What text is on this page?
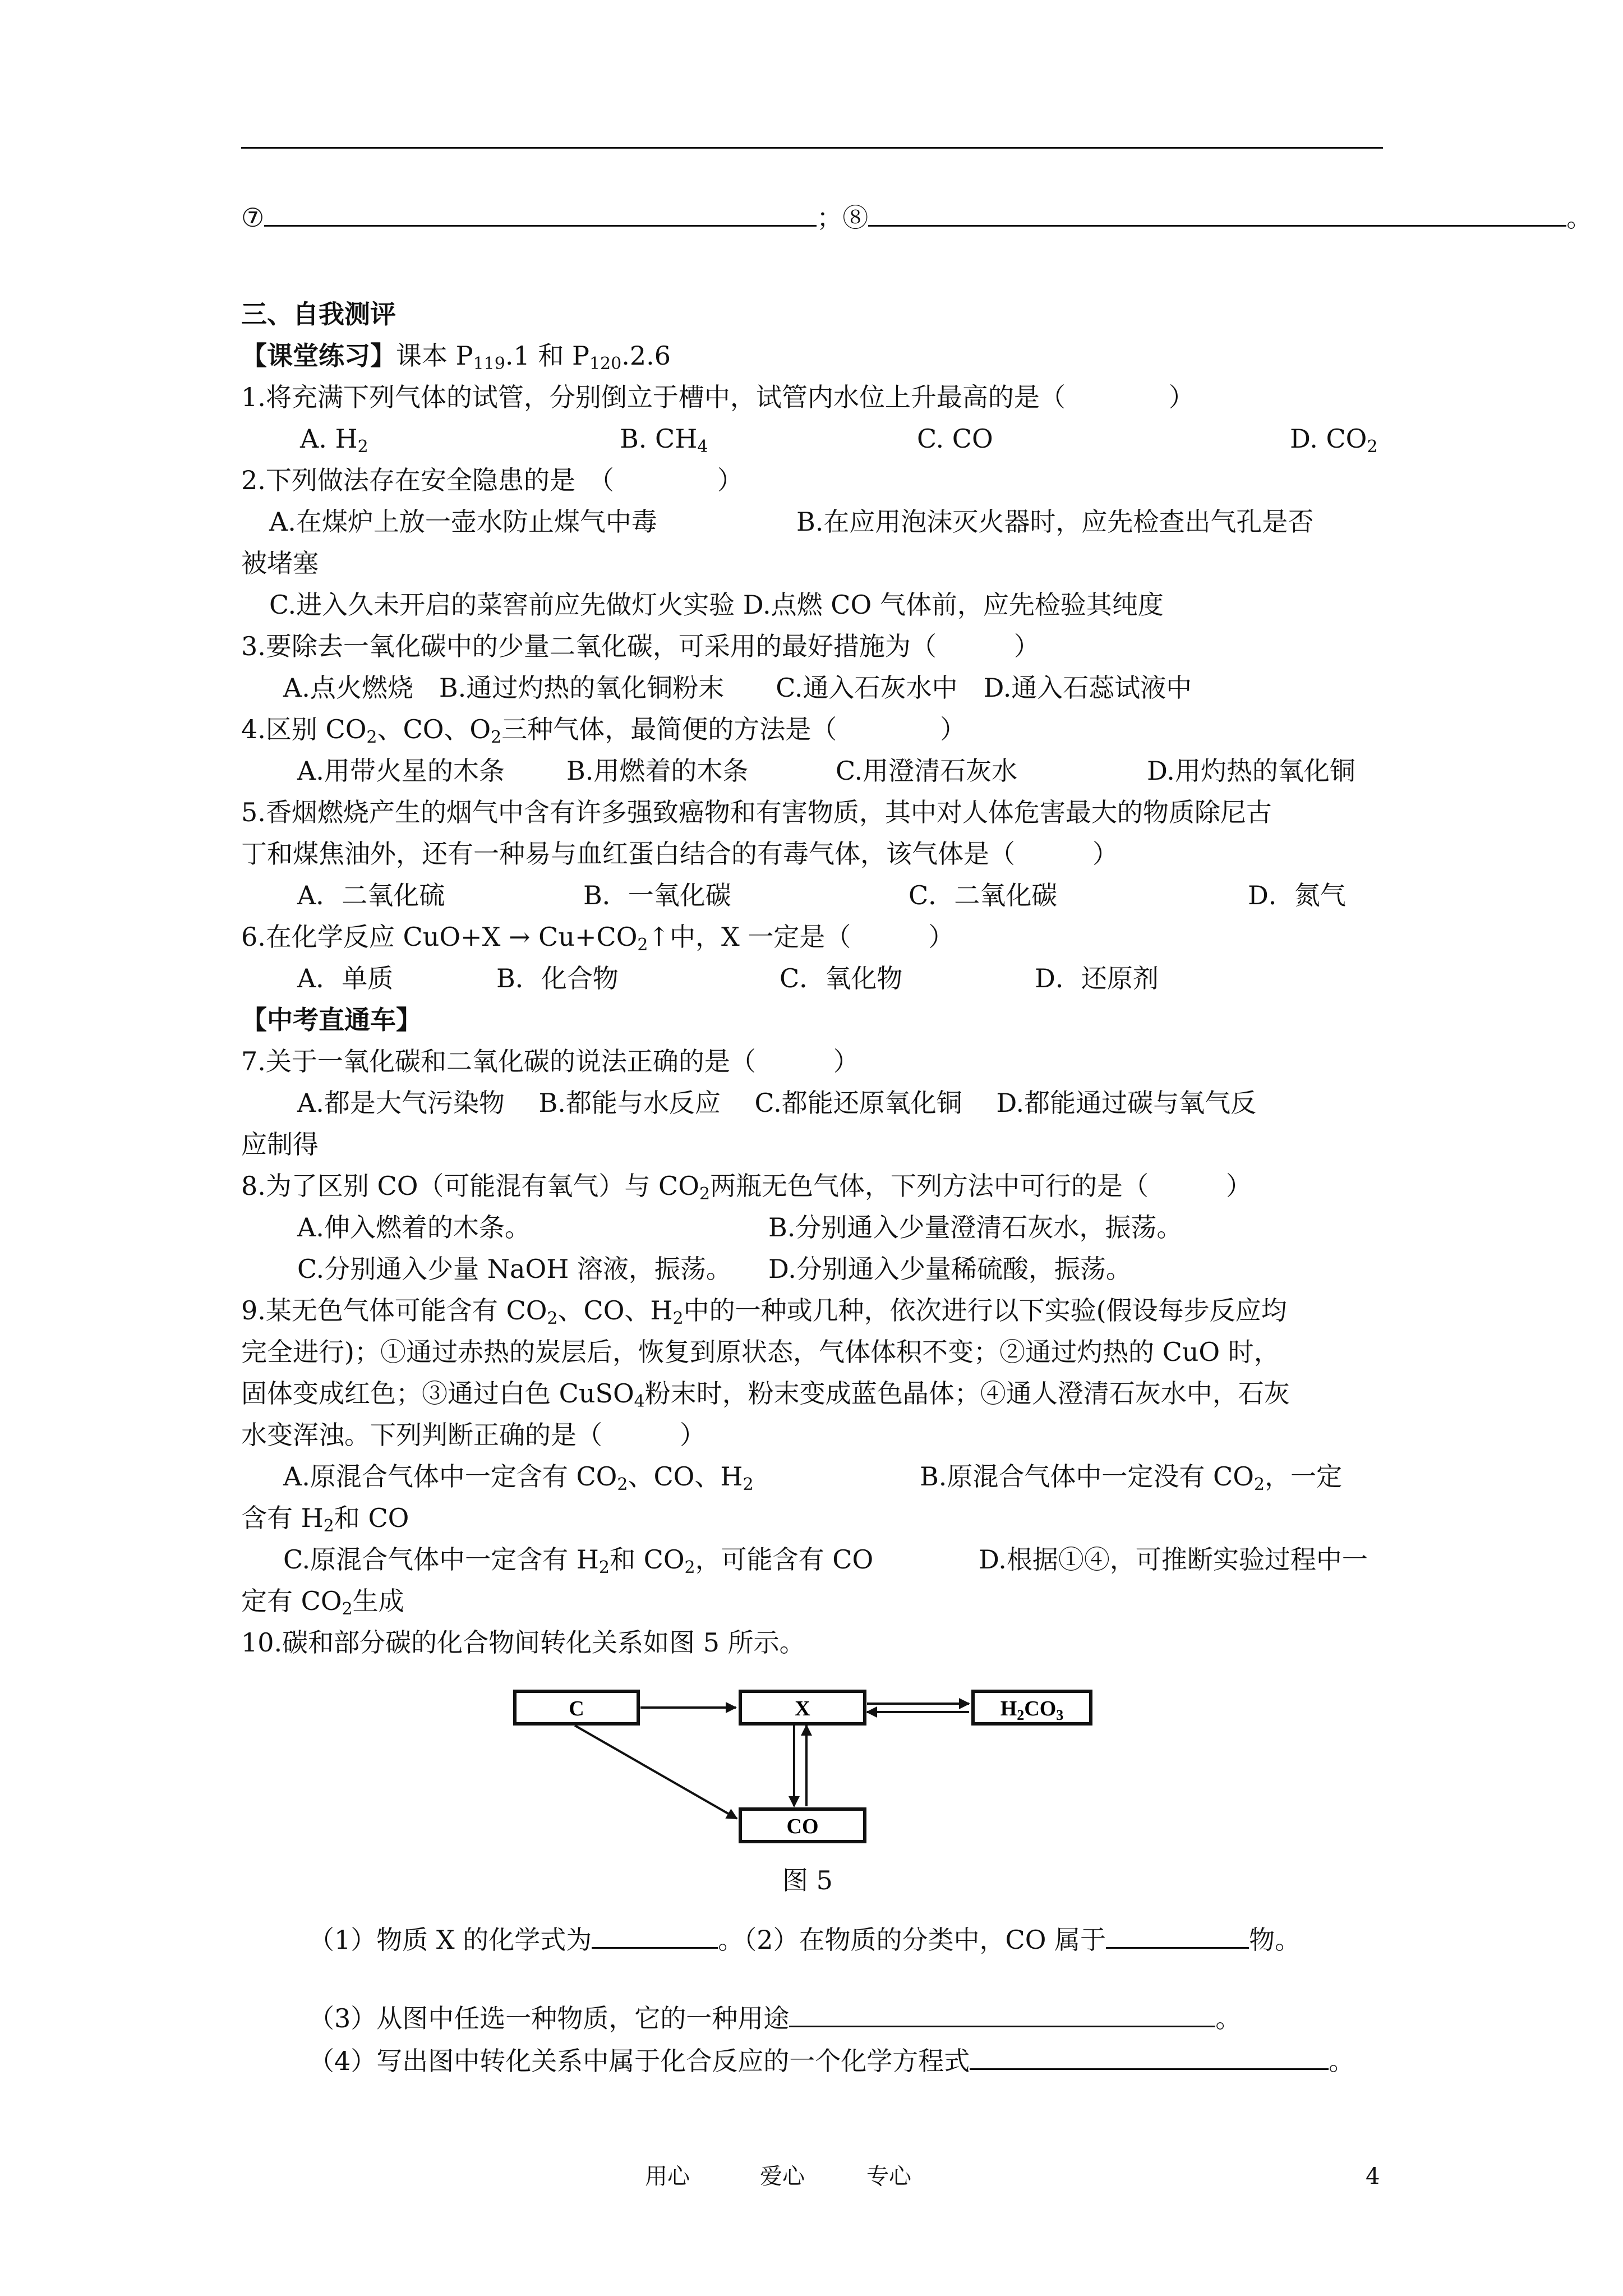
⑦	；⑧	。
三、自我测评
【课堂练习】课本 $P_{119}.1$ 和 $P_{120}.2.6$
1.将充满下列气体的试管，分别倒立于槽中，试管内水位上升最高的是（　　　　）
A. $H_2$	B. $CH_4$	C. CO	D. $CO_2$
2.下列做法存在安全隐患的是　（　　　　）
A.在煤炉上放一壶水防止煤气中毒	B.在应用泡沫灭火器时，应先检查出气孔是否
被堵塞
C.进入久未开启的菜窖前应先做灯火实验 D.点燃 CO 气体前，应先检验其纯度
3.要除去一氧化碳中的少量二氧化碳，可采用的最好措施为（　　　）
A.点火燃烧　B.通过灼热的氧化铜粉末　　C.通入石灰水中　D.通入石蕊试液中
4.区别 $CO_2$、CO、$O_2$三种气体，最简便的方法是（　　　　）
A.用带火星的木条 B.用燃着的木条	C.用澄清石灰水	D.用灼热的氧化铜
5.香烟燃烧产生的烟气中含有许多强致癌物和有害物质，其中对人体危害最大的物质除尼古
丁和煤焦油外，还有一种易与血红蛋白结合的有毒气体，该气体是（　　　）
A．二氧化硫	B．一氧化碳	C．二氧化碳	D．氮气
6.在化学反应 $CuO+X \to Cu+CO_2↑$中，X 一定是（　　　）
A．单质	B．化合物	C．氧化物	D．还原剂
【中考直通车】
7.关于一氧化碳和二氧化碳的说法正确的是（　　　）
A.都是大气污染物　 B.都能与水反应　 C.都能还原氧化铜　 D.都能通过碳与氧气反
应制得
8.为了区别 CO（可能混有氧气）与 $CO_2$两瓶无色气体，下列方法中可行的是（　　　）
A.伸入燃着的木条。	B.分别通入少量澄清石灰水，振荡。
C.分别通入少量 NaOH 溶液，振荡。 D.分别通入少量稀硫酸，振荡。
9.某无色气体可能含有 $CO_2$、CO、$H_2$中的一种或几种，依次进行以下实验(假设每步反应均
完全进行)；①通过赤热的炭层后，恢复到原状态，气体体积不变；②通过灼热的 CuO 时，
固体变成红色；③通过白色 CuSO$_4$粉末时，粉末变成蓝色晶体；④通人澄清石灰水中，石灰
水变浑浊。下列判断正确的是（　　　）
A.原混合气体中一定含有 $CO_2$、CO、$H_2$	B.原混合气体中一定没有 $CO_2$，一定
含有 $H_2$和 CO
C.原混合气体中一定含有 $H_2$和 $CO_2$，可能含有 CO	D.根据①④，可推断实验过程中一
定有 $CO_2$生成
10.碳和部分碳的化合物间转化关系如图 5 所示。
C	X	$H_2CO_3$
CO
图 5
（1）物质 X 的化学式为	。（2）在物质的分类中，CO 属于	物。
（3）从图中任选一种物质，它的一种用途	。
（4）写出图中转化关系中属于化合反应的一个化学方程式	。
用心	爱心	专心	4
